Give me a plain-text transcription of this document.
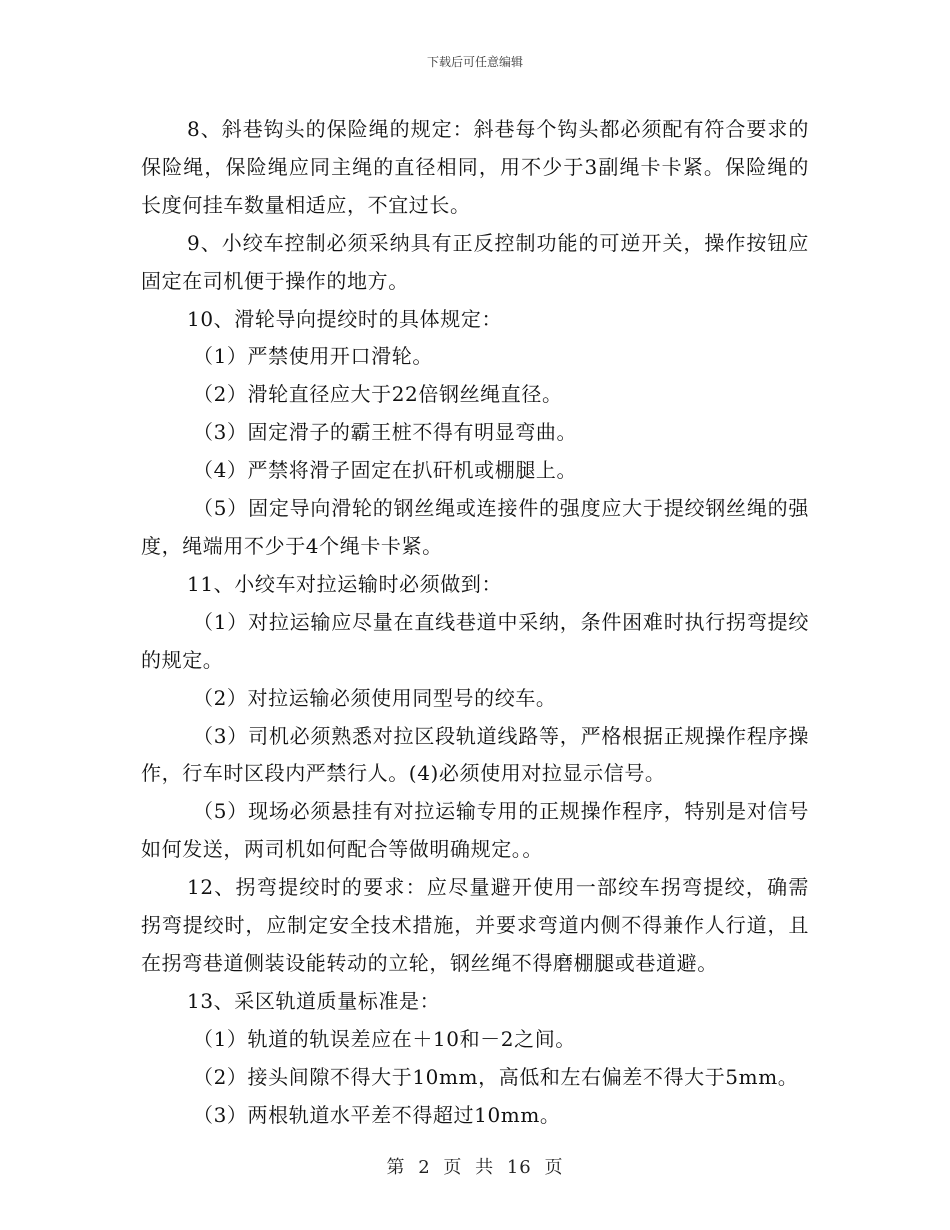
下载后可任意编辑

8、斜巷钩头的保险绳的规定：斜巷每个钩头都必须配有符合要求的保险绳，保险绳应同主绳的直径相同，用不少于3副绳卡卡紧。保险绳的长度何挂车数量相适应，不宜过长。

9、小绞车控制必须采纳具有正反控制功能的可逆开关，操作按钮应固定在司机便于操作的地方。

10、滑轮导向提绞时的具体规定：

（1）严禁使用开口滑轮。

（2）滑轮直径应大于22倍钢丝绳直径。

（3）固定滑子的霸王桩不得有明显弯曲。

（4）严禁将滑子固定在扒矸机或棚腿上。

（5）固定导向滑轮的钢丝绳或连接件的强度应大于提绞钢丝绳的强度，绳端用不少于4个绳卡卡紧。

11、小绞车对拉运输时必须做到：

（1）对拉运输应尽量在直线巷道中采纳，条件困难时执行拐弯提绞的规定。

（2）对拉运输必须使用同型号的绞车。

（3）司机必须熟悉对拉区段轨道线路等，严格根据正规操作程序操作，行车时区段内严禁行人。(4)必须使用对拉显示信号。

（5）现场必须悬挂有对拉运输专用的正规操作程序，特别是对信号如何发送，两司机如何配合等做明确规定。。

12、拐弯提绞时的要求：应尽量避开使用一部绞车拐弯提绞，确需拐弯提绞时，应制定安全技术措施，并要求弯道内侧不得兼作人行道，且在拐弯巷道侧装设能转动的立轮，钢丝绳不得磨棚腿或巷道避。

13、采区轨道质量标准是：

（1）轨道的轨误差应在＋10和－2之间。

（2）接头间隙不得大于10mm，高低和左右偏差不得大于5mm。

（3）两根轨道水平差不得超过10mm。

第 2 页 共 16 页
